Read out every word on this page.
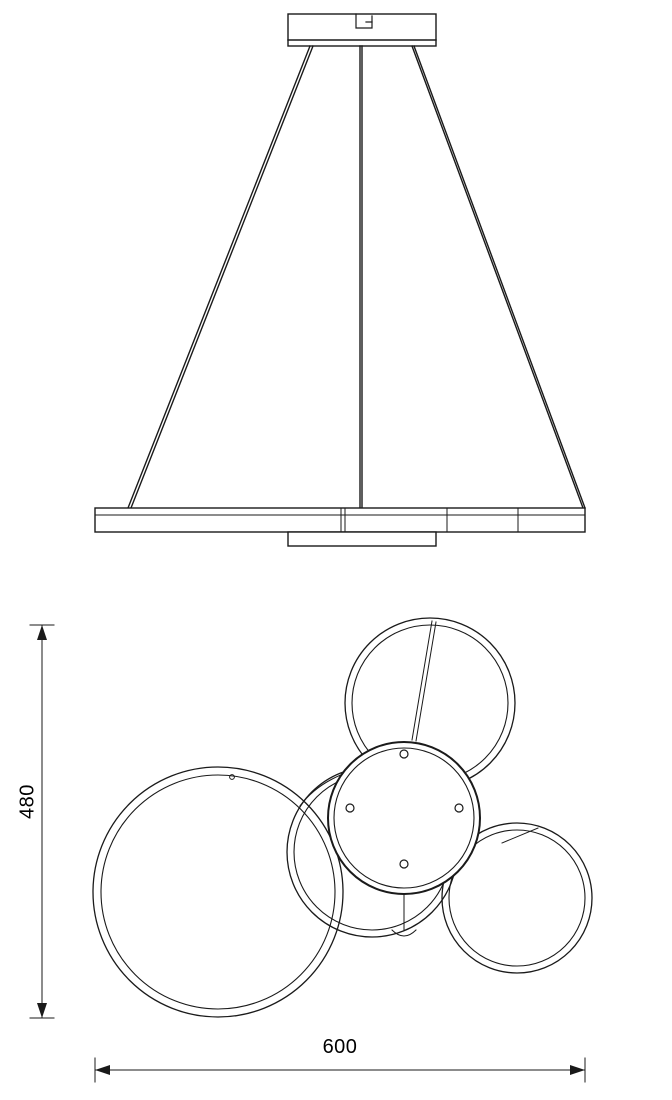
480
600
